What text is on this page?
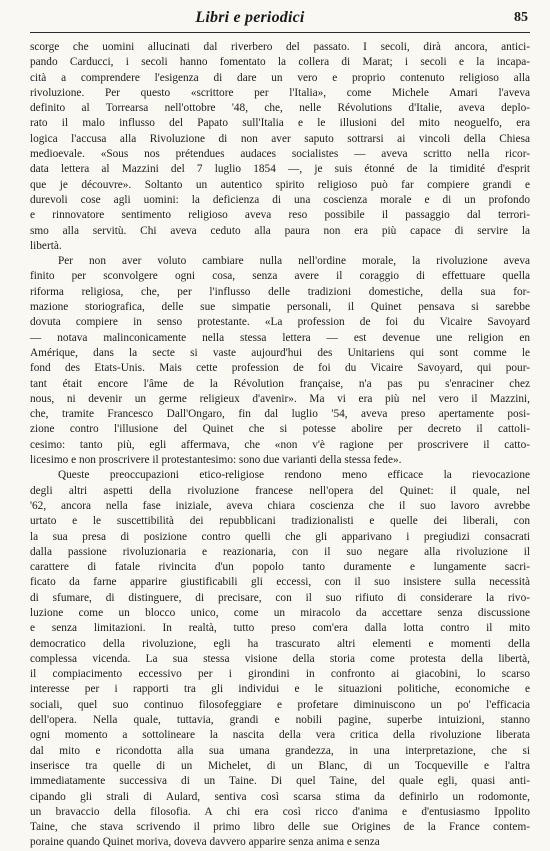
Libri e periodici	85

scorge che uomini allucinati dal riverbero del passato. I secoli, dirà ancora, antici-
pando Carducci, i secoli hanno fomentato la collera di Marat; i secoli e la incapa-
cità a comprendere l'esigenza di dare un vero e proprio contenuto religioso alla
rivoluzione. Per questo «scrittore per l'Italia», come Michele Amari l'aveva
definito al Torrearsa nell'ottobre '48, che, nelle Révolutions d'Italie, aveva deplo-
rato il malo influsso del Papato sull'Italia e le illusioni del mito neoguelfo, era
logica l'accusa alla Rivoluzione di non aver saputo sottrarsi ai vincoli della Chiesa
medioevale. «Sous nos prétendues audaces socialistes — aveva scritto nella ricor-
data lettera al Mazzini del 7 luglio 1854 —, je suis étonné de la timidité d'esprit
que je découvre». Soltanto un autentico spirito religioso può far compiere grandi e
durevoli cose agli uomini: la deficienza di una coscienza morale e di un profondo
e rinnovatore sentimento religioso aveva reso possibile il passaggio dal terrori-
smo alla servitù. Chi aveva ceduto alla paura non era più capace di servire la
libertà.

Per non aver voluto cambiare nulla nell'ordine morale, la rivoluzione aveva
finito per sconvolgere ogni cosa, senza avere il coraggio di effettuare quella
riforma religiosa, che, per l'influsso delle tradizioni domestiche, della sua for-
mazione storiografica, delle sue simpatie personali, il Quinet pensava si sarebbe
dovuta compiere in senso protestante. «La profession de foi du Vicaire Savoyard
— notava malinconicamente nella stessa lettera — est devenue une religion en
Amérique, dans la secte si vaste aujourd'hui des Unitariens qui sont comme le
fond des Etats-Unis. Mais cette profession de foi du Vicaire Savoyard, qui pour-
tant était encore l'âme de la Révolution française, n'a pas pu s'enraciner chez
nous, ni devenir un germe religieux d'avenir». Ma vi era più nel vero il Mazzini,
che, tramite Francesco Dall'Ongaro, fin dal luglio '54, aveva preso apertamente posi-
zione contro l'illusione del Quinet che si potesse abolire per decreto il cattoli-
cesimo: tanto più, egli affermava, che «non v'è ragione per proscrivere il catto-
licesimo e non proscrivere il protestantesimo: sono due varianti della stessa fede».

Queste preoccupazioni etico-religiose rendono meno efficace la rievocazione
degli altri aspetti della rivoluzione francese nell'opera del Quinet: il quale, nel
'62, ancora nella fase iniziale, aveva chiara coscienza che il suo lavoro avrebbe
urtato e le suscettibilità dei repubblicani tradizionalisti e quelle dei liberali, con
la sua presa di posizione contro quelli che gli apparivano i pregiudizi consacrati
dalla passione rivoluzionaria e reazionaria, con il suo negare alla rivoluzione il
carattere di fatale rivincita d'un popolo tanto duramente e lungamente sacri-
ficato da farne apparire giustificabili gli eccessi, con il suo insistere sulla necessità
di sfumare, di distinguere, di precisare, con il suo rifiuto di considerare la rivo-
luzione come un blocco unico, come un miracolo da accettare senza discussione
e senza limitazioni. In realtà, tutto preso com'era dalla lotta contro il mito
democratico della rivoluzione, egli ha trascurato altri elementi e momenti della
complessa vicenda. La sua stessa visione della storia come protesta della libertà,
il compiacimento eccessivo per i girondini in confronto ai giacobini, lo scarso
interesse per i rapporti tra gli individui e le situazioni politiche, economiche e
sociali, quel suo continuo filosofeggiare e profetare diminuiscono un po' l'efficacia
dell'opera. Nella quale, tuttavia, grandi e nobili pagine, superbe intuizioni, stanno
ogni momento a sottolineare la nascita della vera critica della rivoluzione liberata
dal mito e ricondotta alla sua umana grandezza, in una interpretazione, che si
inserisce tra quelle di un Michelet, di un Blanc, di un Tocqueville e l'altra
immediatamente successiva di un Taine. Di quel Taine, del quale egli, quasi anti-
cipando gli strali di Aulard, sentiva così scarsa stima da definirlo un rodomonte,
un bravaccio della filosofia. A chi era così ricco d'anima e d'entusiasmo Ippolito
Taine, che stava scrivendo il primo libro delle sue Origines de la France contem-
poraine quando Quinet moriva, doveva davvero apparire senza anima e senza
